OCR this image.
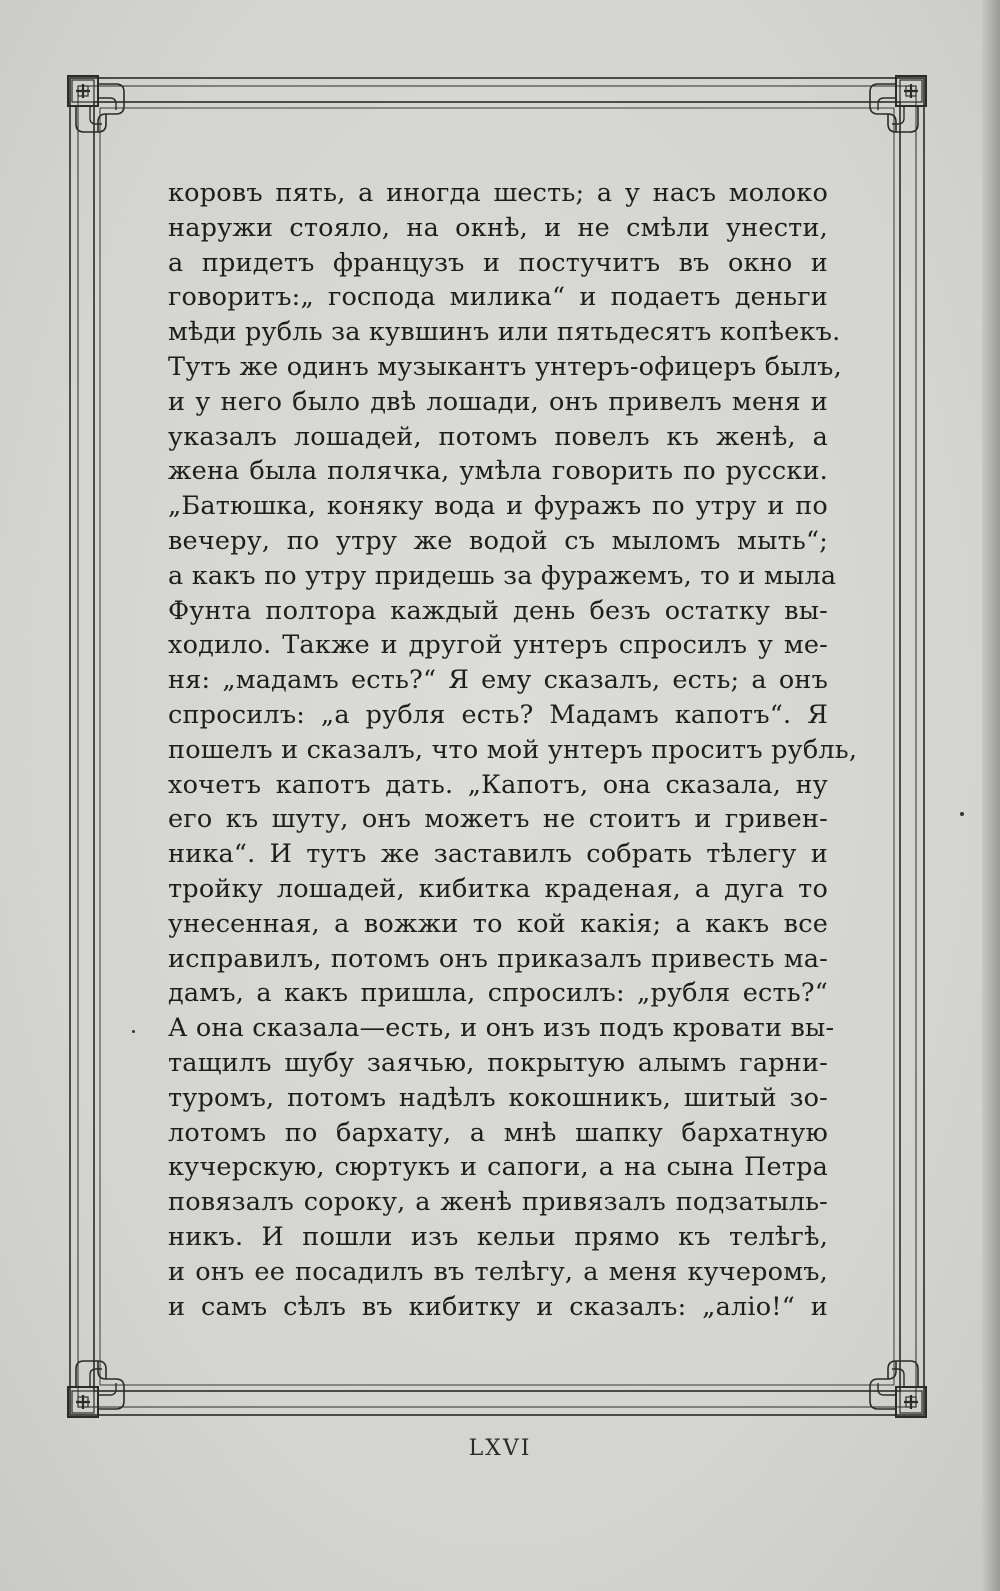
коровъ пять, а иногда шесть; а у насъ молоко
наружи стояло, на окнѣ, и не смѣли унести,
а придетъ французъ и постучитъ въ окно и
говоритъ:„ господа милика“ и подаетъ деньги
мѣди рубль за кувшинъ или пятьдесятъ копѣекъ.
Тутъ же одинъ музыкантъ унтеръ-офицеръ былъ,
и у него было двѣ лошади, онъ привелъ меня и
указалъ лошадей, потомъ повелъ къ женѣ, а
жена была полячка, умѣла говорить по русски.
„Батюшка, коняку вода и фуражъ по утру и по
вечеру, по утру же водой съ мыломъ мыть“;
а какъ по утру придешь за фуражемъ, то и мыла
Фунта полтора каждый день безъ остатку вы-
ходило. Также и другой унтеръ спросилъ у ме-
ня: „мадамъ есть?“ Я ему сказалъ, есть; а онъ
спросилъ: „а рубля есть? Мадамъ капотъ“. Я
пошелъ и сказалъ, что мой унтеръ проситъ рубль,
хочетъ капотъ дать. „Капотъ, она сказала, ну
его къ шуту, онъ можетъ не стоитъ и гривен-
ника“. И тутъ же заставилъ собрать тѣлегу и
тройку лошадей, кибитка краденая, а дуга то
унесенная, а вожжи то кой какія; а какъ все
исправилъ, потомъ онъ приказалъ привесть ма-
дамъ, а какъ пришла, спросилъ: „рубля есть?“
А она сказала—есть, и онъ изъ подъ кровати вы-
тащилъ шубу заячью, покрытую алымъ гарни-
туромъ, потомъ надѣлъ кокошникъ, шитый зо-
лотомъ по бархату, а мнѣ шапку бархатную
кучерскую, сюртукъ и сапоги, а на сына Петра
повязалъ сороку, а женѣ привязалъ подзатыль-
никъ. И пошли изъ кельи прямо къ телѣгѣ,
и онъ ее посадилъ въ телѣгу, а меня кучеромъ,
и самъ сѣлъ въ кибитку и сказалъ: „аліо!“ и
LXVI
